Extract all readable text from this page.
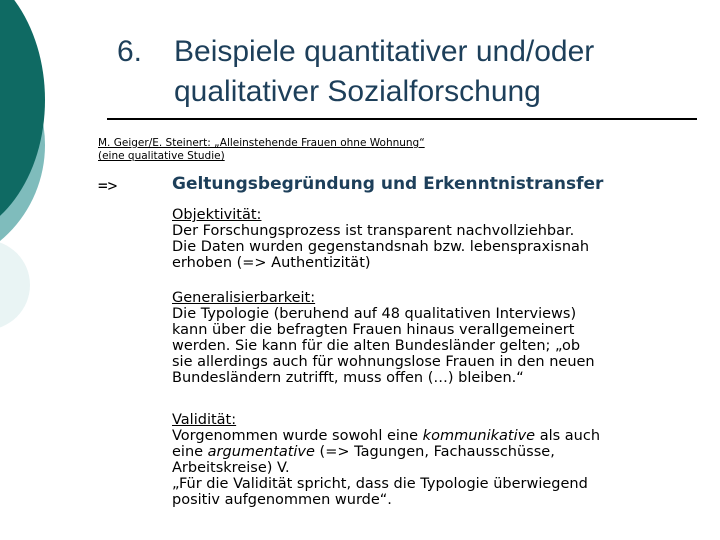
6. Beispiele quantitativer und/oder
qualitativer Sozialforschung
M. Geiger/E. Steinert: „Alleinstehende Frauen ohne Wohnung“
(eine qualitative Studie)
=>	Geltungsbegründung und Erkenntnistransfer
Objektivität:
Der Forschungsprozess ist transparent nachvollziehbar.
Die Daten wurden gegenstandsnah bzw. lebenspraxisnah
erhoben (=> Authentizität)
Generalisierbarkeit:
Die Typologie (beruhend auf 48 qualitativen Interviews)
kann über die befragten Frauen hinaus verallgemeinert
werden. Sie kann für die alten Bundesländer gelten; „ob
sie allerdings auch für wohnungslose Frauen in den neuen
Bundesländern zutrifft, muss offen (…) bleiben.“
Validität:
Vorgenommen wurde sowohl eine kommunikative als auch
eine argumentative (=> Tagungen, Fachausschüsse,
Arbeitskreise) V.
„Für die Validität spricht, dass die Typologie überwiegend
positiv aufgenommen wurde“.
